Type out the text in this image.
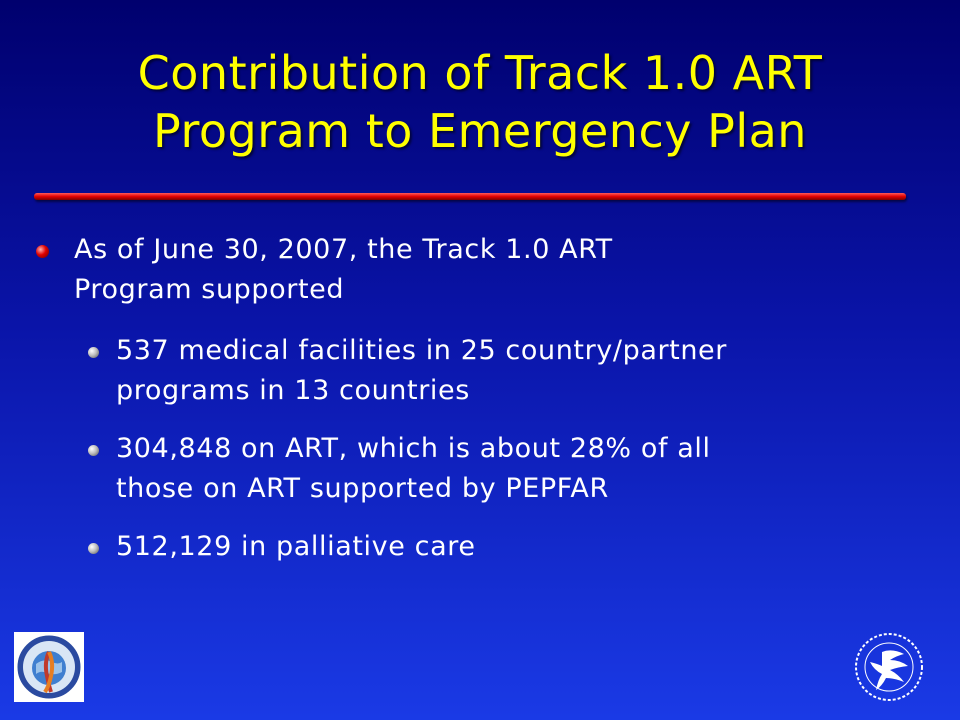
Contribution of Track 1.0 ART
Program to Emergency Plan
As of June 30, 2007, the Track 1.0 ART
Program supported
537 medical facilities in 25 country/partner
programs in 13 countries
304,848 on ART, which is about 28% of all
those on ART supported by PEPFAR
512,129 in palliative care
